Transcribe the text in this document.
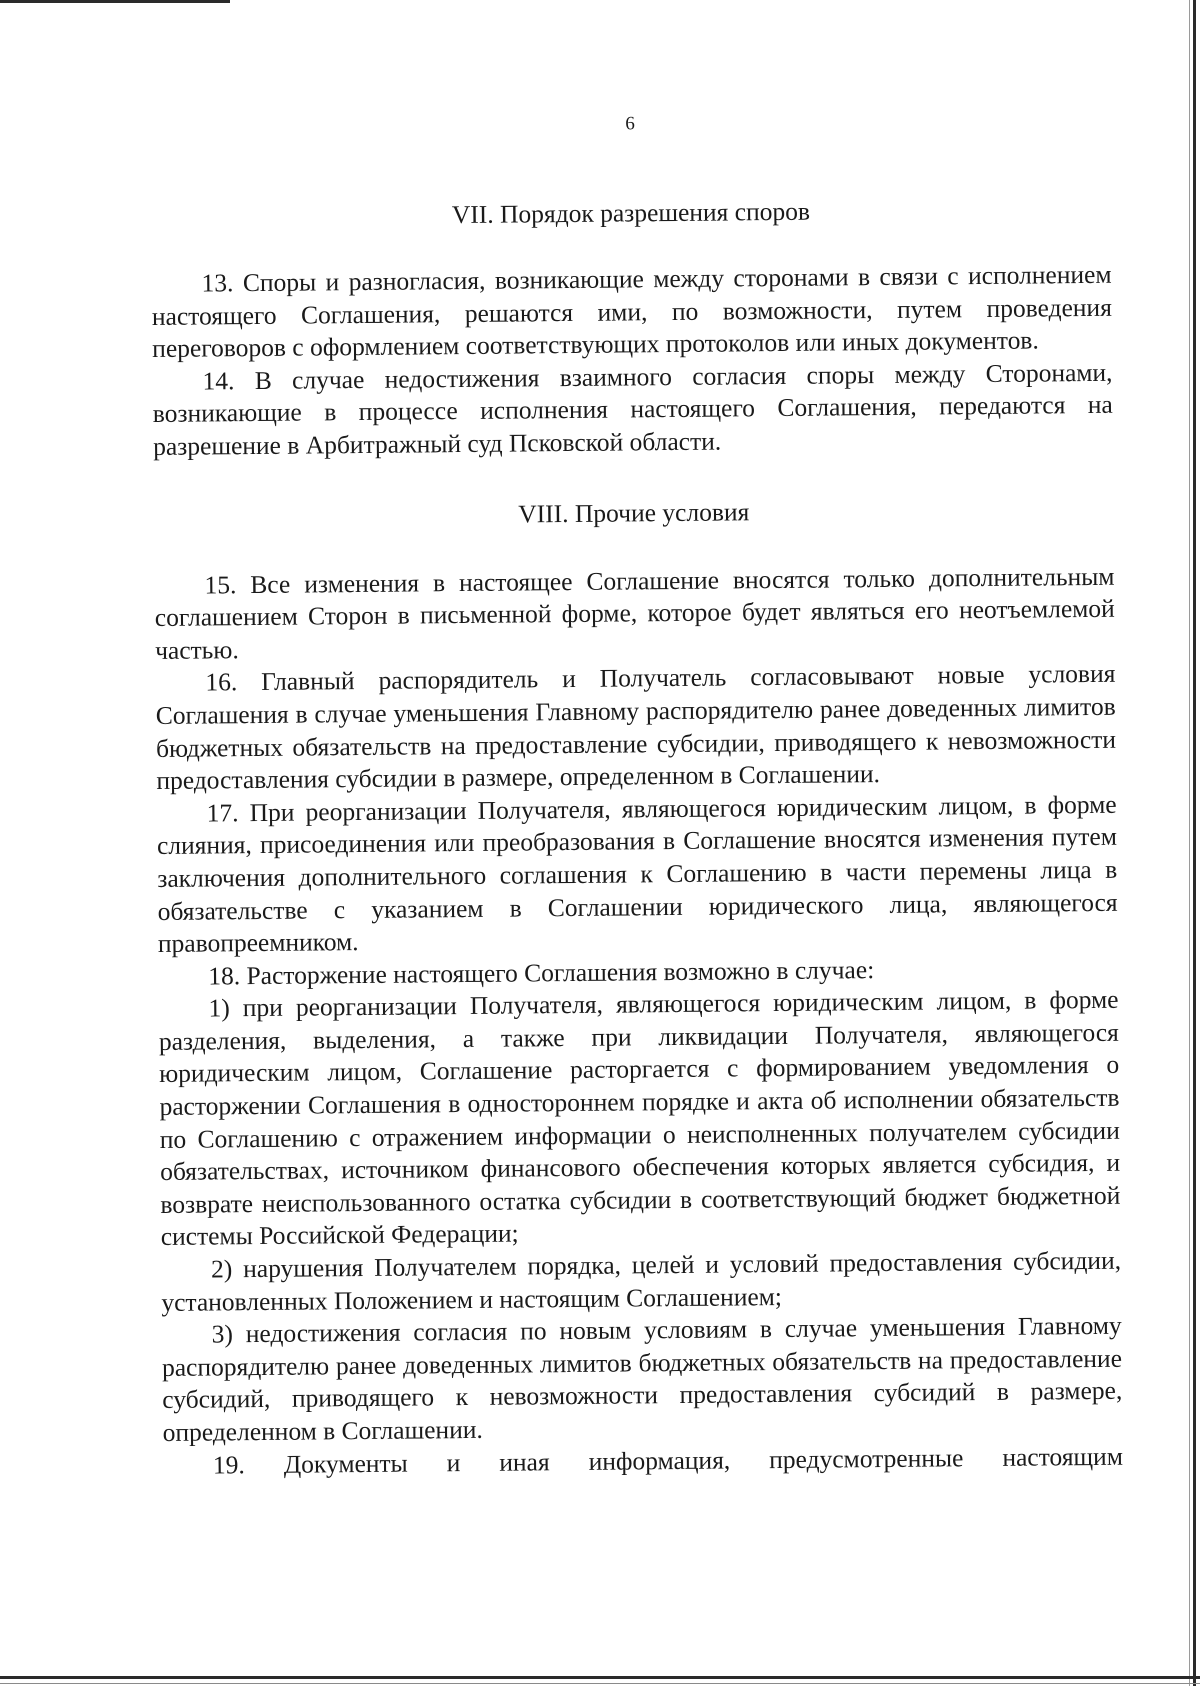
6
VII. Порядок разрешения споров

13. Споры и разногласия, возникающие между сторонами в связи с исполнением настоящего Соглашения, решаются ими, по возможности, путем проведения переговоров с оформлением соответствующих протоколов или иных документов.

14. В случае недостижения взаимного согласия споры между Сторонами, возникающие в процессе исполнения настоящего Соглашения, передаются на разрешение в Арбитражный суд Псковской области.

VIII. Прочие условия

15. Все изменения в настоящее Соглашение вносятся только дополнительным соглашением Сторон в письменной форме, которое будет являться его неотъемлемой частью.

16. Главный распорядитель и Получатель согласовывают новые условия Соглашения в случае уменьшения Главному распорядителю ранее доведенных лимитов бюджетных обязательств на предоставление субсидии, приводящего к невозможности предоставления субсидии в размере, определенном в Соглашении.

17. При реорганизации Получателя, являющегося юридическим лицом, в форме слияния, присоединения или преобразования в Соглашение вносятся изменения путем заключения дополнительного соглашения к Соглашению в части перемены лица в обязательстве с указанием в Соглашении юридического лица, являющегося правопреемником.

18. Расторжение настоящего Соглашения возможно в случае:

1) при реорганизации Получателя, являющегося юридическим лицом, в форме разделения, выделения, а также при ликвидации Получателя, являющегося юридическим лицом, Соглашение расторгается с формированием уведомления о расторжении Соглашения в одностороннем порядке и акта об исполнении обязательств по Соглашению с отражением информации о неисполненных получателем субсидии обязательствах, источником финансового обеспечения которых является субсидия, и возврате неиспользованного остатка субсидии в соответствующий бюджет бюджетной системы Российской Федерации;

2) нарушения Получателем порядка, целей и условий предоставления субсидии, установленных Положением и настоящим Соглашением;

3) недостижения согласия по новым условиям в случае уменьшения Главному распорядителю ранее доведенных лимитов бюджетных обязательств на предоставление субсидий, приводящего к невозможности предоставления субсидий в размере, определенном в Соглашении.

19. Документы и иная информация, предусмотренные настоящим
